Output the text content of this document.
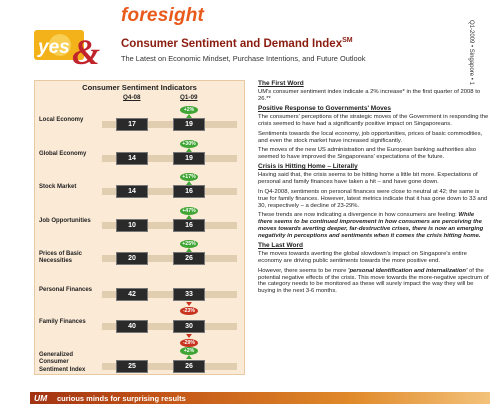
yes &
foresight
Consumer Sentiment and Demand Index℠
The Latest on Economic Mindset, Purchase Intentions, and Future Outlook	Q1-2009 • Singapore • 1
Consumer Sentiment Indicators
Q4-08	Q1-09
Local Economy
+2%
17	19
Global Economy
+30%
14	19
Stock Market
+17%
14	16
Job Opportunities
+47%
10	16
Prices of Basic Necessities
+25%
20	26
Personal Finances
42	33
-23%
Family Finances
40	30
-29%
Generalized Consumer Sentiment Index
+2%
25	26
The First Word

UM's consumer sentiment index indicate a 2% increase* in the first quarter of 2008 to 26.**

Positive Response to Governments' Moves

The consumers' perceptions of the strategic moves of the Government in responding the crisis seemed to have had a significantly positive impact on Singaporeans.

Sentiments towards the local economy, job opportunities, prices of basic commodities, and even the stock market have increased significantly.

The moves of the new US administration and the European banking authorities also seemed to have improved the Singaporeans' expectations of the future.

Crisis is Hitting Home – Literally

Having said that, the crisis seems to be hitting home a little bit more. Expectations of personal and family finances have taken a hit – and have gone down.

In Q4-2008, sentiments on personal finances were close to neutral at 42; the same is true for family finances. However, latest metrics indicate that it has gone down to 33 and 30, respectively – a decline of 23-29%.

These trends are now indicating a divergence in how consumers are feeling: While there seems to be continued improvement in how consumers are perceiving the moves towards averting deeper, far-destructive crises, there is now an emerging negativity in perceptions and sentiments when it comes the crisis hitting home.

The Last Word

The moves towards averting the global slowdown's impact on Singapore's entire economy are driving public sentiments towards the more positive end.

However, there seems to be more 'personal identification and internalization' of the potential negative effects of the crisis. This move towards the more-negative spectrum of the category needs to be monitored as these will surely impact the way they will be buying in the next 3-6 months.

UM curious minds for surprising results
